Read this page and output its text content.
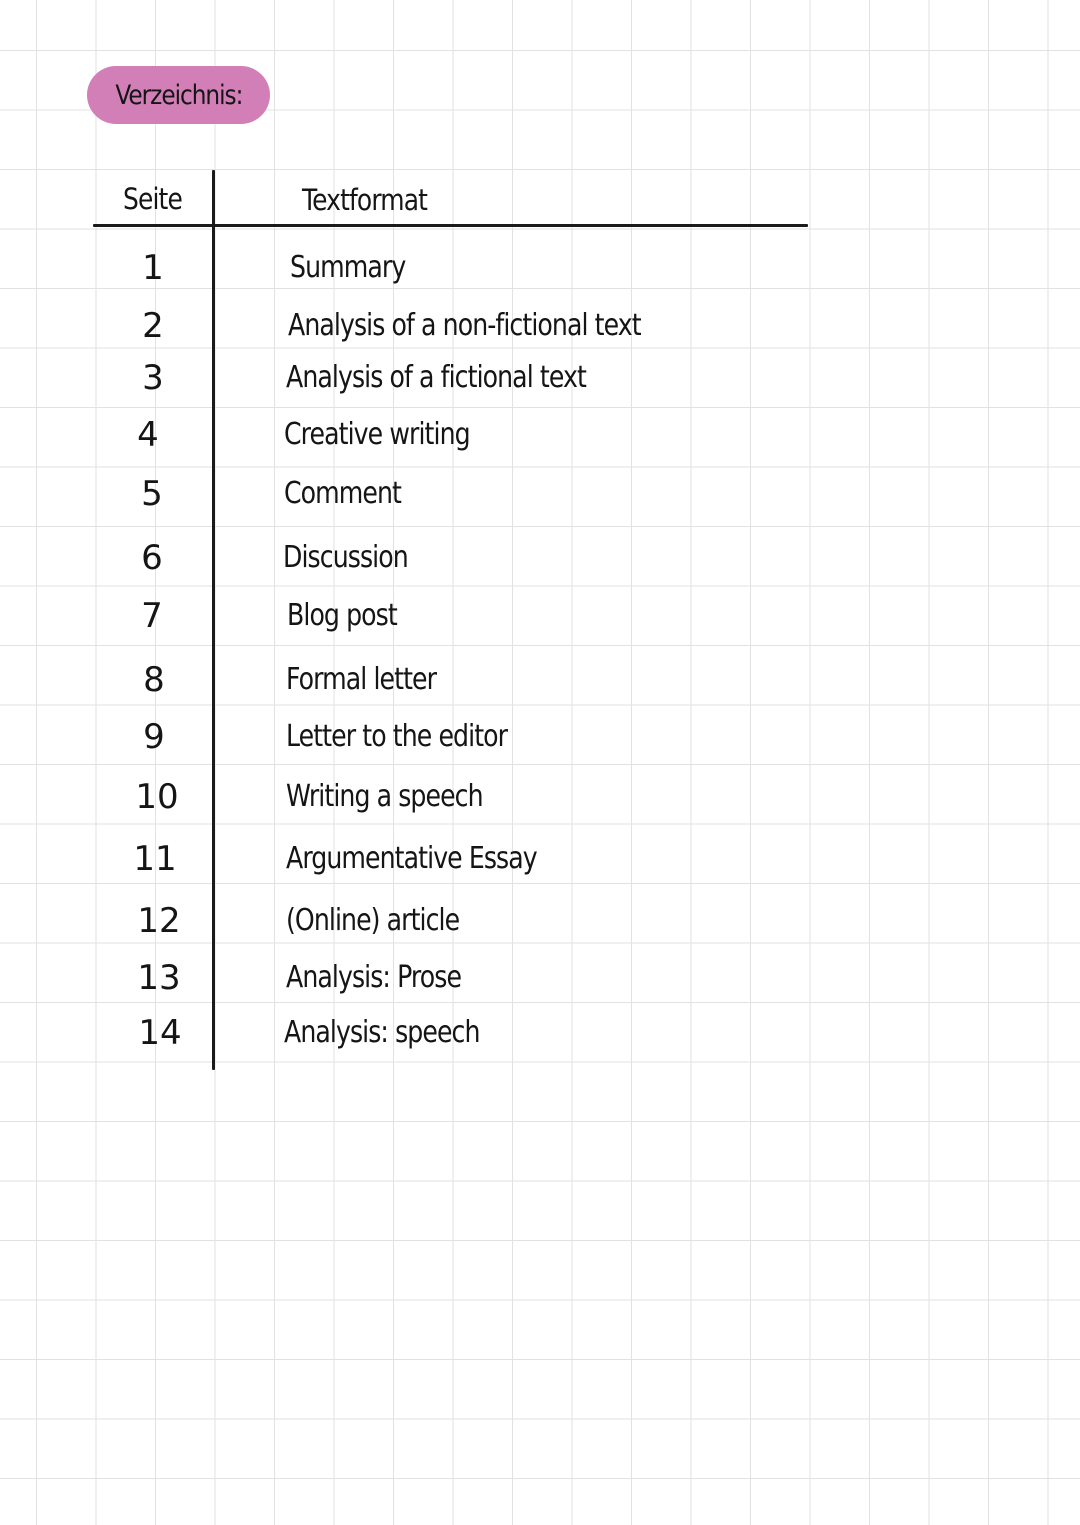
Verzeichnis:
Seite	Textformat
1	Summary
2	Analysis of a non-fictional text
3	Analysis of a fictional text
4	Creative writing
5	Comment
6	Discussion
7	Blog post
8	Formal letter
9	Letter to the editor
10	Writing a speech
11	Argumentative Essay
12	(Online) article
13	Analysis: Prose
14	Analysis: speech
